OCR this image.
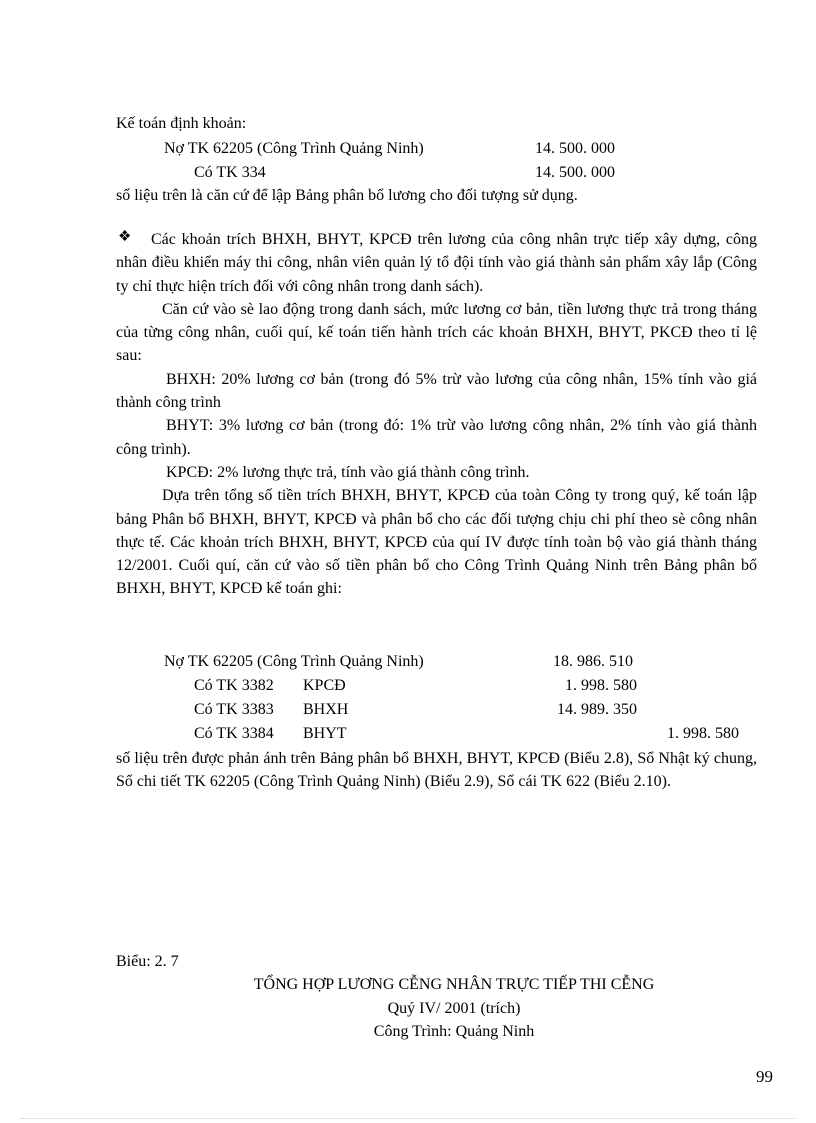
Kế toán định khoản:
Nợ TK 62205 (Công Trình Quảng Ninh)	14. 500. 000
Có TK 334	14. 500. 000
số liệu trên là căn cứ để lập Bảng phân bổ lương cho đối tượng sử dụng.
❖	Các khoản trích BHXH, BHYT, KPCĐ trên lương của công nhân trực tiếp xây dựng, công nhân điều khiển máy thi công, nhân viên quản lý tổ đội tính vào giá thành sản phẩm xây lắp (Công ty chỉ thực hiện trích đối với công nhân trong danh sách).

Căn cứ vào sè lao động trong danh sách, mức lương cơ bản, tiền lương thực trả trong tháng của từng công nhân, cuối quí, kế toán tiến hành trích các khoản BHXH, BHYT, PKCĐ theo tỉ lệ sau:

BHXH: 20% lương cơ bản (trong đó 5% trừ vào lương của công nhân, 15% tính vào giá thành công trình

BHYT: 3% lương cơ bản (trong đó: 1% trừ vào lương công nhân, 2% tính vào giá thành công trình).

KPCĐ: 2% lương thực trả, tính vào giá thành công trình.

Dựa trên tổng số tiền trích BHXH, BHYT, KPCĐ của toàn Công ty trong quý, kế toán lập bảng Phân bổ BHXH, BHYT, KPCĐ và phân bổ cho các đối tượng chịu chi phí theo sè công nhân thực tế. Các khoản trích BHXH, BHYT, KPCĐ của quí IV được tính toàn bộ vào giá thành tháng 12/2001. Cuối quí, căn cứ vào số tiền phân bổ cho Công Trình Quảng Ninh trên Bảng phân bổ BHXH, BHYT, KPCĐ kế toán ghi:

Nợ TK 62205 (Công Trình Quảng Ninh)	18. 986. 510
Có TK 3382 KPCĐ	1. 998. 580
Có TK 3383 BHXH	14. 989. 350
Có TK 3384 BHYT	1. 998. 580
số liệu trên được phản ánh trên Bảng phân bổ BHXH, BHYT, KPCĐ (Biểu 2.8), Sổ Nhật ký chung, Sổ chi tiết TK 62205 (Công Trình Quảng Ninh) (Biểu 2.9), Sổ cái TK 622 (Biểu 2.10).
Biểu: 2. 7
TỔNG HỢP LƯƠNG CỄNG NHÂN TRỰC TIẾP THI CỄNG
Quý IV/ 2001 (trích)
Công Trình: Quảng Ninh
99
